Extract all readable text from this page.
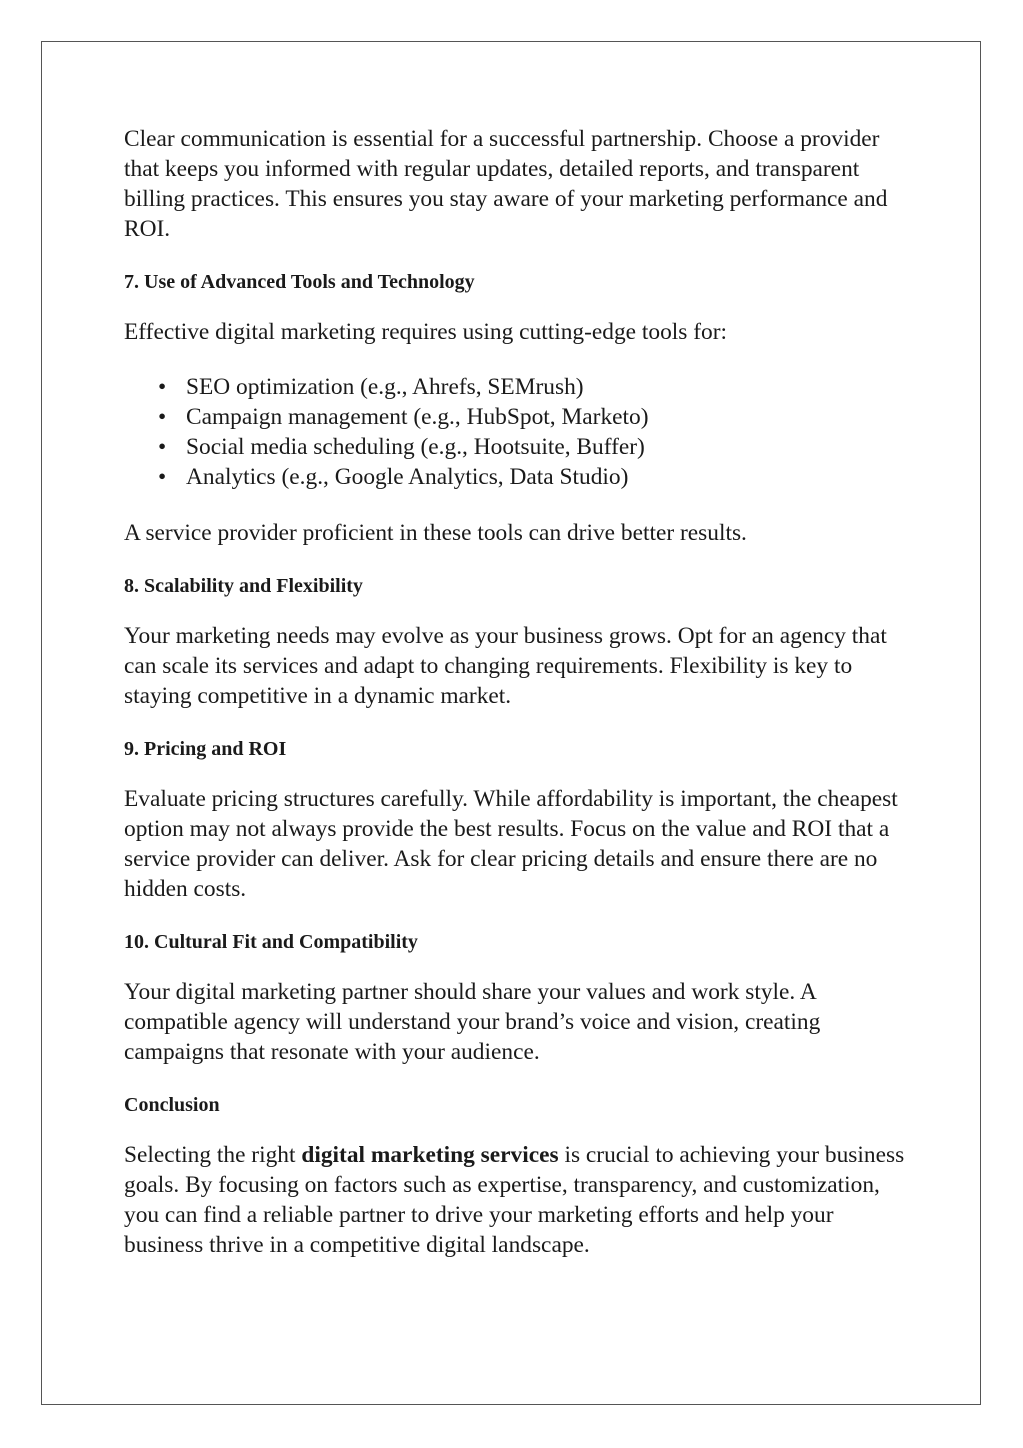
Clear communication is essential for a successful partnership. Choose a provider that keeps you informed with regular updates, detailed reports, and transparent billing practices. This ensures you stay aware of your marketing performance and ROI.

7. Use of Advanced Tools and Technology

Effective digital marketing requires using cutting-edge tools for:

• SEO optimization (e.g., Ahrefs, SEMrush)
• Campaign management (e.g., HubSpot, Marketo)
• Social media scheduling (e.g., Hootsuite, Buffer)
• Analytics (e.g., Google Analytics, Data Studio)

A service provider proficient in these tools can drive better results.

8. Scalability and Flexibility

Your marketing needs may evolve as your business grows. Opt for an agency that can scale its services and adapt to changing requirements. Flexibility is key to staying competitive in a dynamic market.

9. Pricing and ROI

Evaluate pricing structures carefully. While affordability is important, the cheapest option may not always provide the best results. Focus on the value and ROI that a service provider can deliver. Ask for clear pricing details and ensure there are no hidden costs.

10. Cultural Fit and Compatibility

Your digital marketing partner should share your values and work style. A compatible agency will understand your brand’s voice and vision, creating campaigns that resonate with your audience.

Conclusion

Selecting the right digital marketing services is crucial to achieving your business goals. By focusing on factors such as expertise, transparency, and customization, you can find a reliable partner to drive your marketing efforts and help your business thrive in a competitive digital landscape.
